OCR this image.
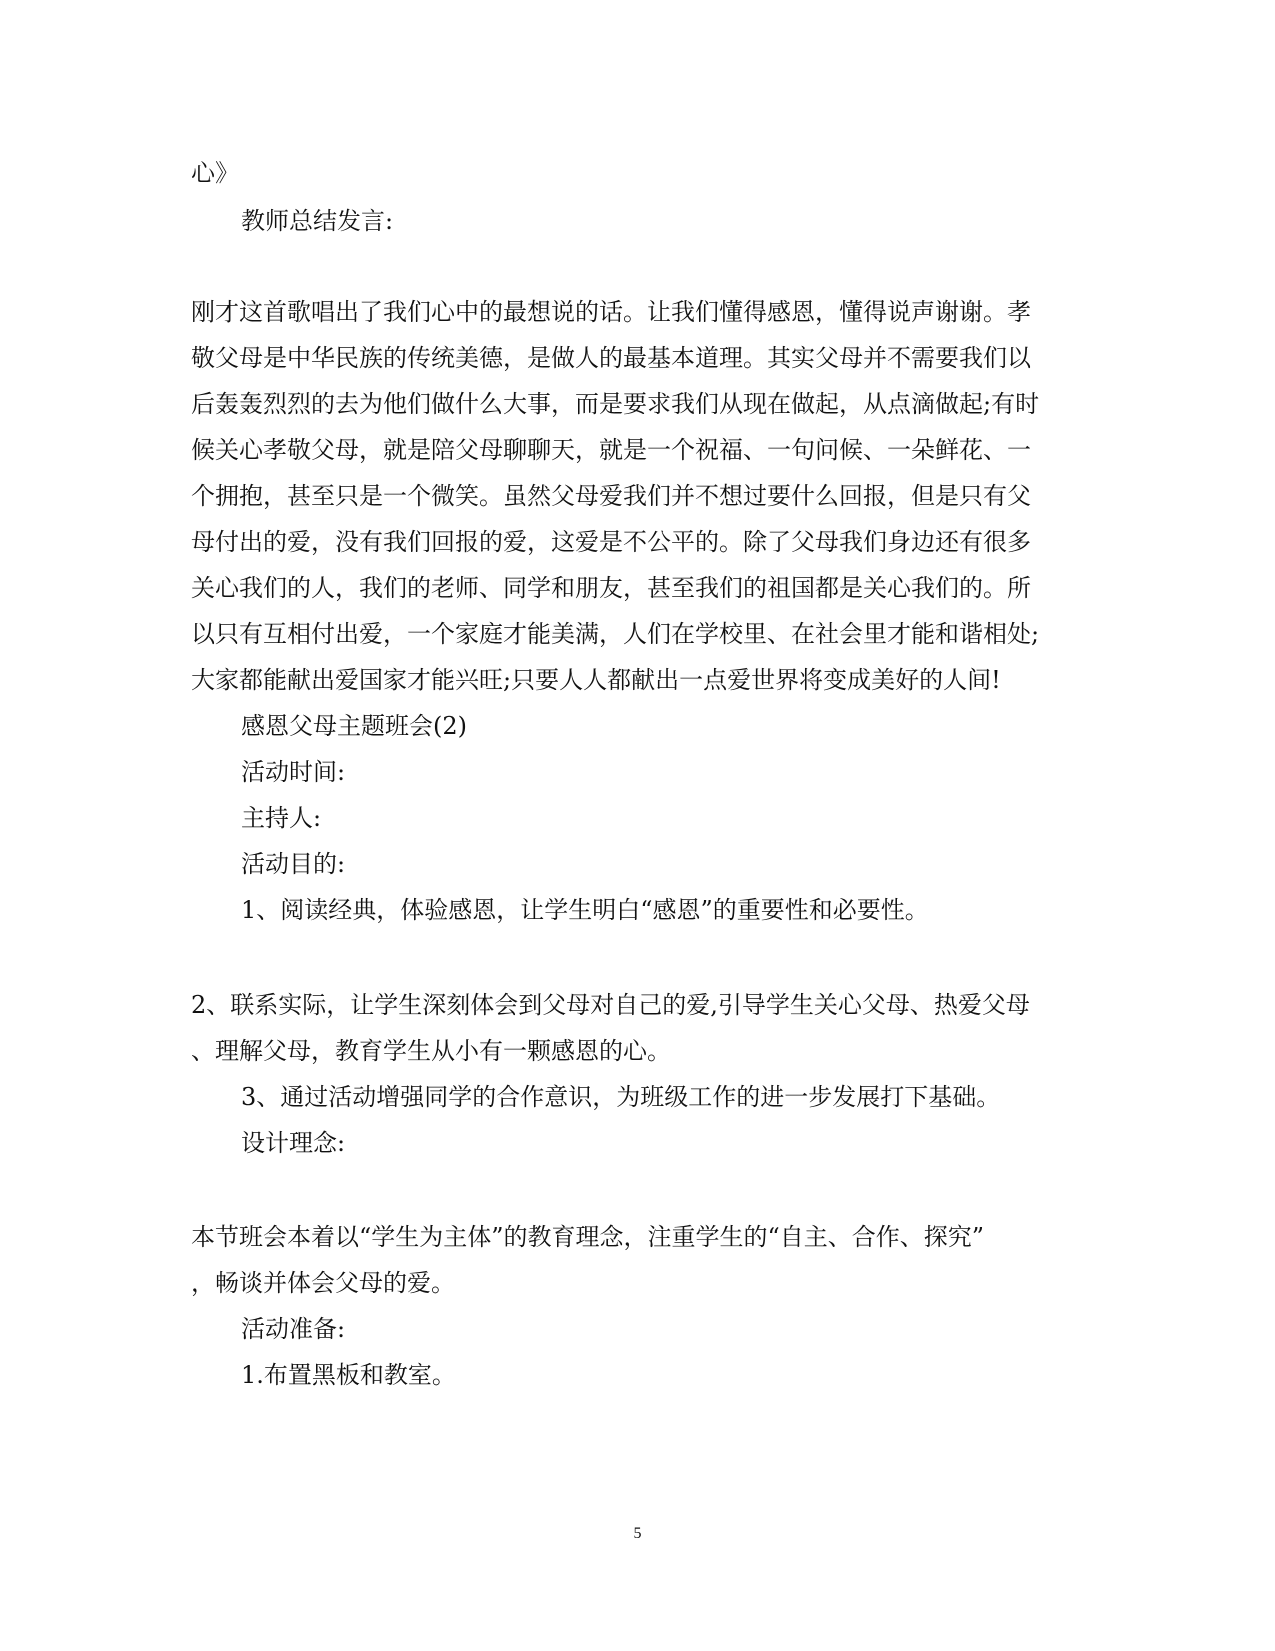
心》

教师总结发言:

刚才这首歌唱出了我们心中的最想说的话。让我们懂得感恩，懂得说声谢谢。孝

敬父母是中华民族的传统美德，是做人的最基本道理。其实父母并不需要我们以

后轰轰烈烈的去为他们做什么大事，而是要求我们从现在做起，从点滴做起;有时

候关心孝敬父母，就是陪父母聊聊天，就是一个祝福、一句问候、一朵鲜花、一

个拥抱，甚至只是一个微笑。虽然父母爱我们并不想过要什么回报，但是只有父

母付出的爱，没有我们回报的爱，这爱是不公平的。除了父母我们身边还有很多

关心我们的人，我们的老师、同学和朋友，甚至我们的祖国都是关心我们的。所

以只有互相付出爱，一个家庭才能美满，人们在学校里、在社会里才能和谐相处;

大家都能献出爱国家才能兴旺;只要人人都献出一点爱世界将变成美好的人间!

感恩父母主题班会(2)

活动时间:

主持人:

活动目的:

1、阅读经典，体验感恩，让学生明白“感恩”的重要性和必要性。

2、联系实际，让学生深刻体会到父母对自己的爱,引导学生关心父母、热爱父母

、理解父母，教育学生从小有一颗感恩的心。

3、通过活动增强同学的合作意识，为班级工作的进一步发展打下基础。

设计理念:

本节班会本着以“学生为主体”的教育理念，注重学生的“自主、合作、探究”

，畅谈并体会父母的爱。

活动准备:

1.布置黑板和教室。

5
